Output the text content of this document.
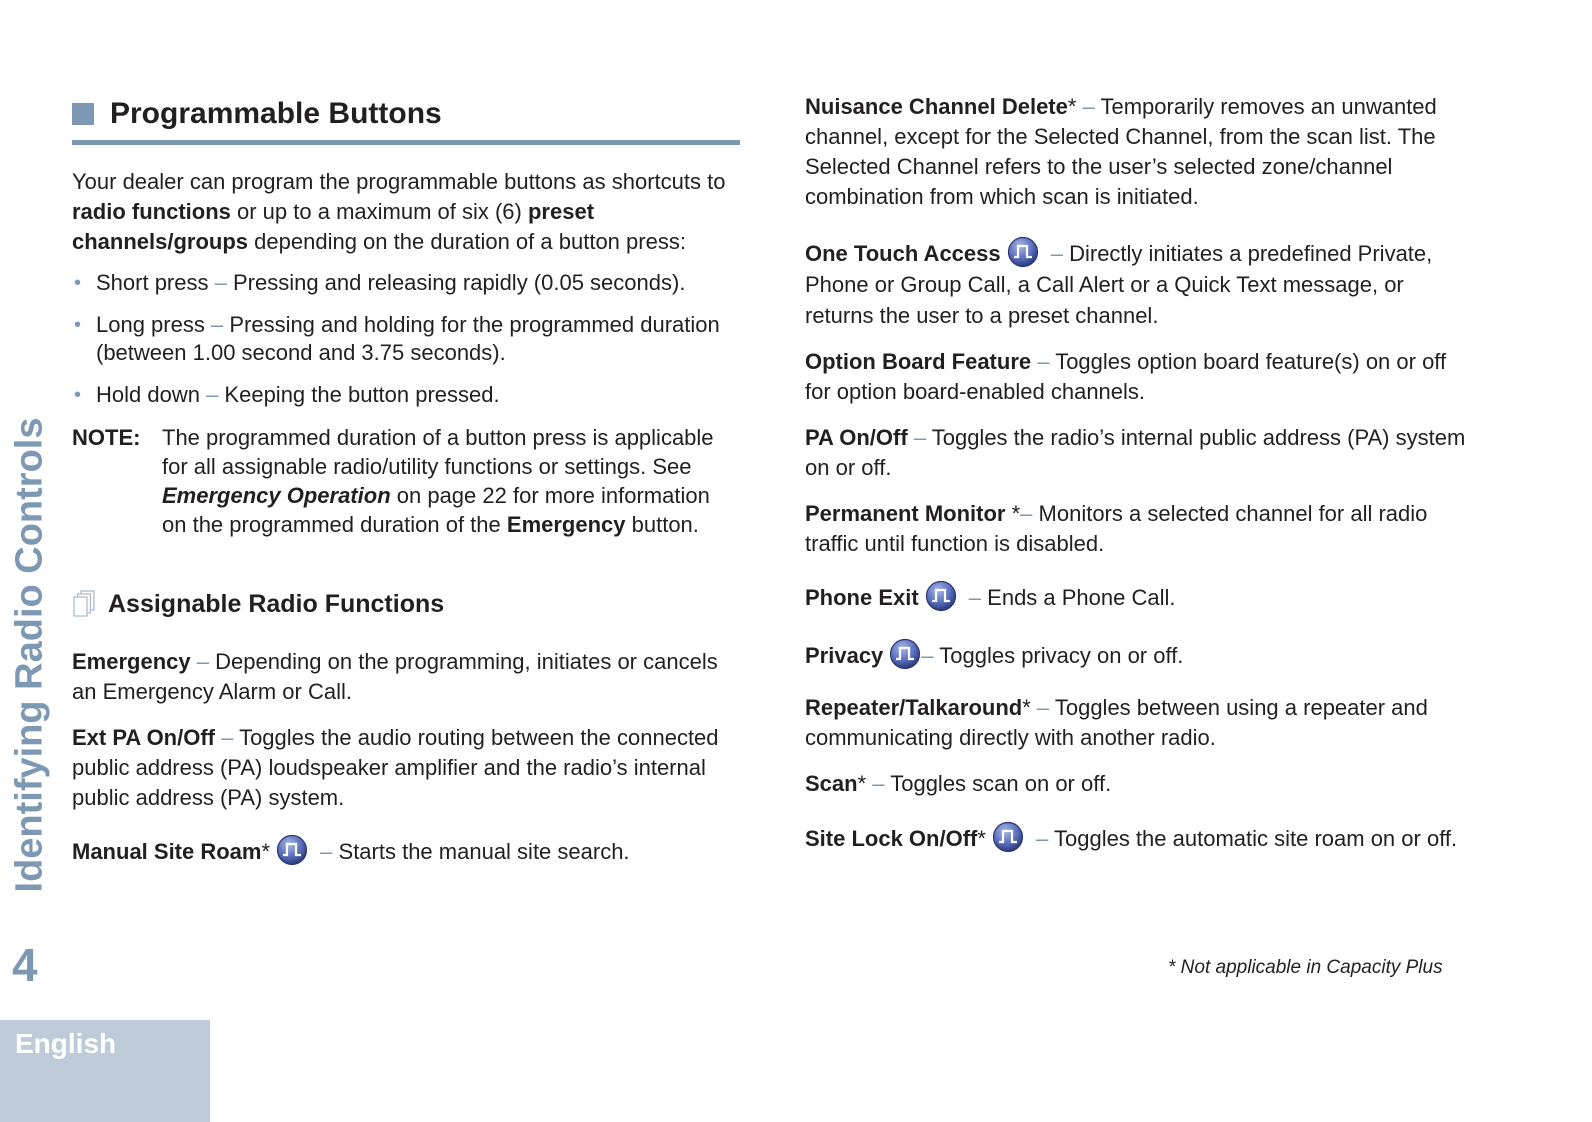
Programmable Buttons

Your dealer can program the programmable buttons as shortcuts to radio functions or up to a maximum of six (6) preset channels/groups depending on the duration of a button press:

• Short press – Pressing and releasing rapidly (0.05 seconds).
• Long press – Pressing and holding for the programmed duration (between 1.00 second and 3.75 seconds).
• Hold down – Keeping the button pressed.
NOTE: The programmed duration of a button press is applicable for all assignable radio/utility functions or settings. See Emergency Operation on page 22 for more information on the programmed duration of the Emergency button.
Assignable Radio Functions
Emergency – Depending on the programming, initiates or cancels an Emergency Alarm or Call.
Ext PA On/Off – Toggles the audio routing between the connected public address (PA) loudspeaker amplifier and the radio’s internal public address (PA) system.
Manual Site Roam* – Starts the manual site search.
Nuisance Channel Delete* – Temporarily removes an unwanted channel, except for the Selected Channel, from the scan list. The Selected Channel refers to the user’s selected zone/channel combination from which scan is initiated.
One Touch Access – Directly initiates a predefined Private, Phone or Group Call, a Call Alert or a Quick Text message, or returns the user to a preset channel.
Option Board Feature – Toggles option board feature(s) on or off for option board-enabled channels.
PA On/Off – Toggles the radio’s internal public address (PA) system on or off.
Permanent Monitor *– Monitors a selected channel for all radio traffic until function is disabled.
Phone Exit – Ends a Phone Call.
Privacy – Toggles privacy on or off.
Repeater/Talkaround* – Toggles between using a repeater and communicating directly with another radio.
Scan* – Toggles scan on or off.
Site Lock On/Off* – Toggles the automatic site roam on or off.
* Not applicable in Capacity Plus
Identifying Radio Controls
4
English
